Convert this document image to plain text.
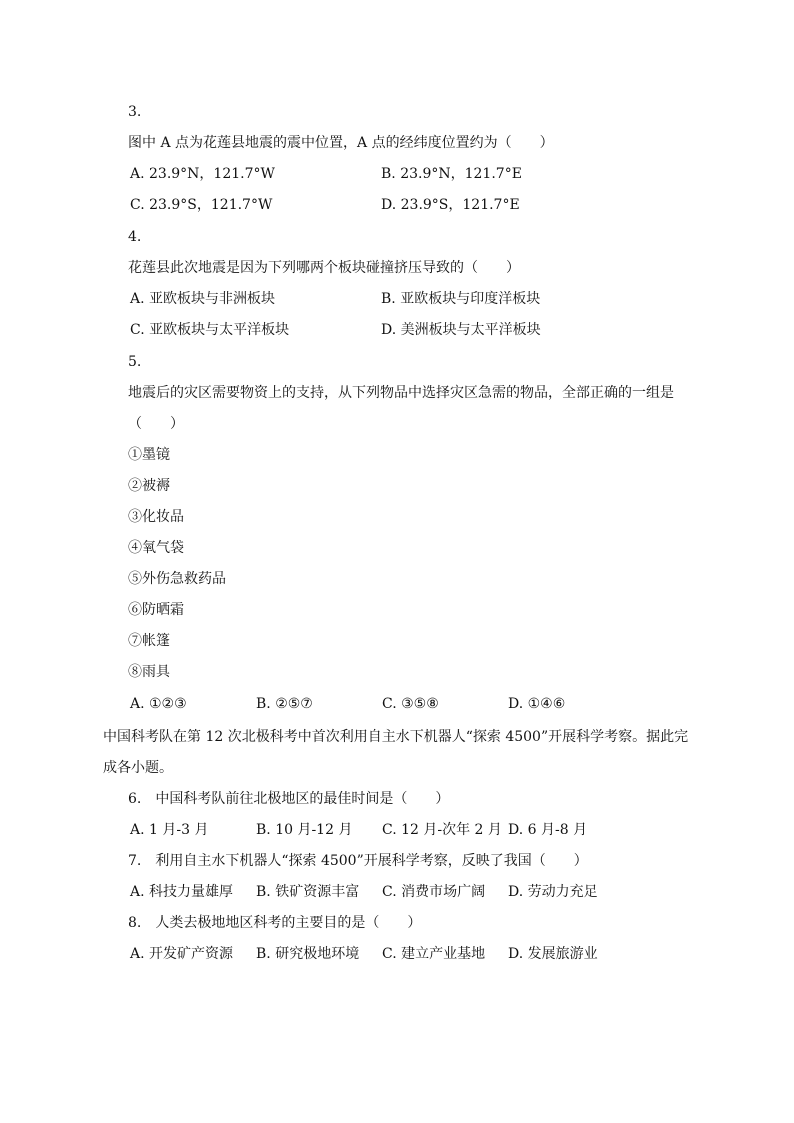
3.
图中 A 点为花莲县地震的震中位置，A 点的经纬度位置约为（　　）
A. 23.9°N，121.7°W	B. 23.9°N，121.7°E
C. 23.9°S，121.7°W	D. 23.9°S，121.7°E
4.
花莲县此次地震是因为下列哪两个板块碰撞挤压导致的（　　）
A. 亚欧板块与非洲板块	B. 亚欧板块与印度洋板块
C. 亚欧板块与太平洋板块	D. 美洲板块与太平洋板块
5.
地震后的灾区需要物资上的支持，从下列物品中选择灾区急需的物品，全部正确的一组是
（　　）
①墨镜
②被褥
③化妆品
④氧气袋
⑤外伤急救药品
⑥防晒霜
⑦帐篷
⑧雨具
A. ①②③	B. ②⑤⑦	C. ③⑤⑧	D. ①④⑥
中国科考队在第 12 次北极科考中首次利用自主水下机器人“探索 4500”开展科学考察。据此完
成各小题。
6.　中国科考队前往北极地区的最佳时间是（　　）
A. 1 月-3 月	B. 10 月-12 月 C. 12 月-次年 2 月 D. 6 月-8 月
7.　利用自主水下机器人“探索 4500”开展科学考察，反映了我国（　　）
A. 科技力量雄厚 B. 铁矿资源丰富 C. 消费市场广阔 D. 劳动力充足
8.　人类去极地地区科考的主要目的是（　　）
A. 开发矿产资源 B. 研究极地环境 C. 建立产业基地 D. 发展旅游业
